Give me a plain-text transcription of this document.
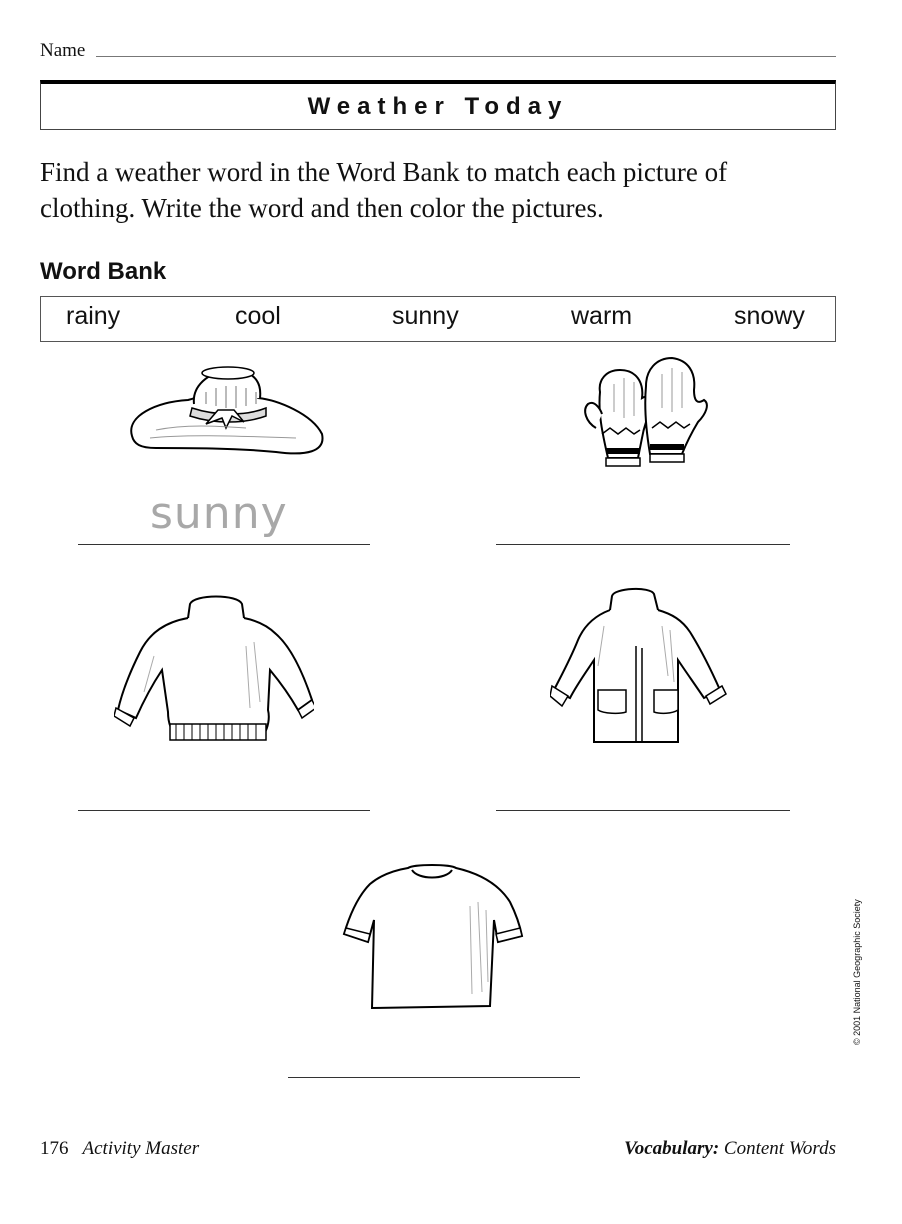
Name
Weather Today
Find a weather word in the Word Bank to match each picture of
clothing. Write the word and then color the pictures.
Word Bank
rainy	cool	sunny	warm	snowy
sunny
© 2001 National Geographic Society
176 Activity Master	Vocabulary: Content Words
